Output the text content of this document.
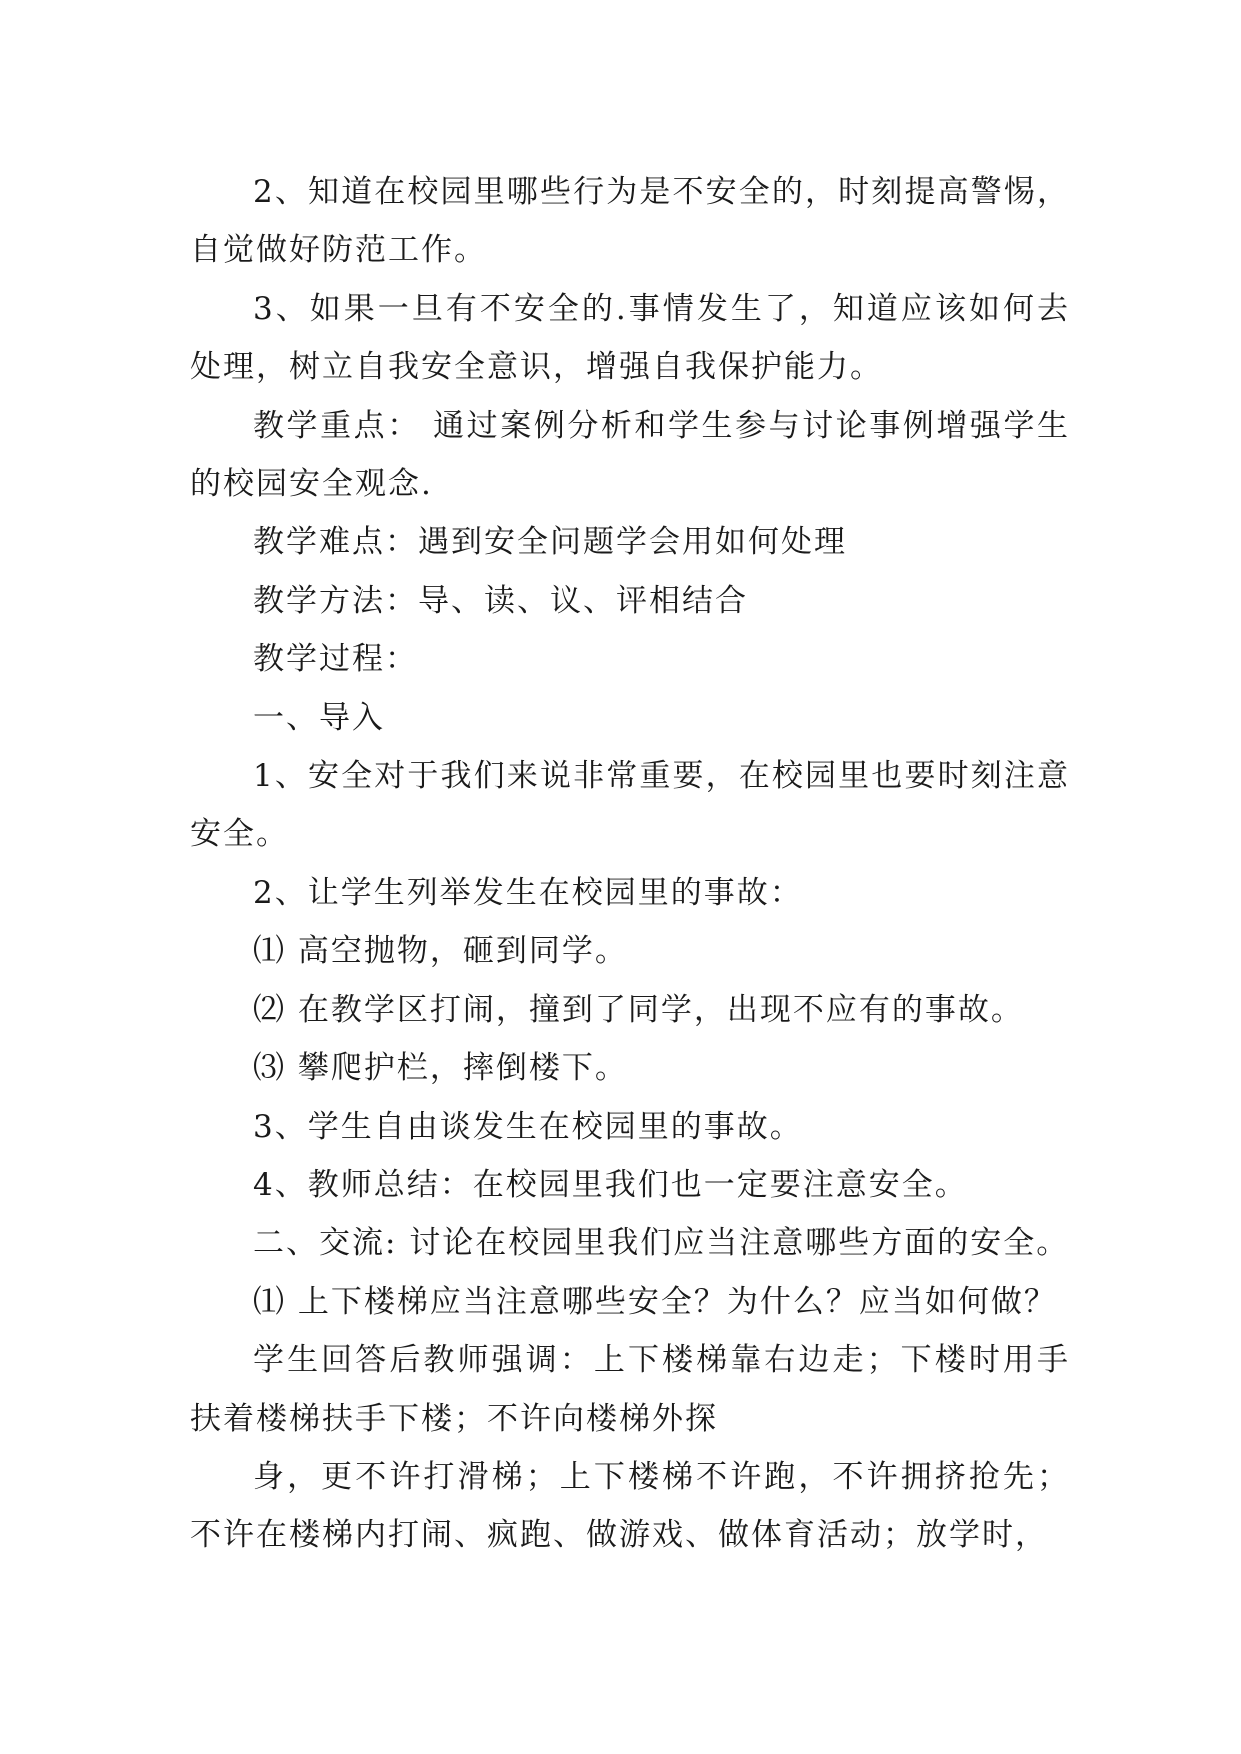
2、知道在校园里哪些行为是不安全的，时刻提高警惕，自觉做好防范工作。

3、如果一旦有不安全的.事情发生了，知道应该如何去处理，树立自我安全意识，增强自我保护能力。

教学重点： 通过案例分析和学生参与讨论事例增强学生的校园安全观念.

教学难点：遇到安全问题学会用如何处理

教学方法：导、读、议、评相结合

教学过程：

一、导入

1、安全对于我们来说非常重要，在校园里也要时刻注意安全。

2、让学生列举发生在校园里的事故：

⑴ 高空抛物，砸到同学。

⑵ 在教学区打闹，撞到了同学，出现不应有的事故。

⑶ 攀爬护栏，摔倒楼下。

3、学生自由谈发生在校园里的事故。

4、教师总结：在校园里我们也一定要注意安全。

二、交流: 讨论在校园里我们应当注意哪些方面的安全。

⑴ 上下楼梯应当注意哪些安全？为什么？应当如何做？

学生回答后教师强调：上下楼梯靠右边走；下楼时用手扶着楼梯扶手下楼；不许向楼梯外探

身，更不许打滑梯；上下楼梯不许跑，不许拥挤抢先；不许在楼梯内打闹、疯跑、做游戏、做体育活动；放学时，
